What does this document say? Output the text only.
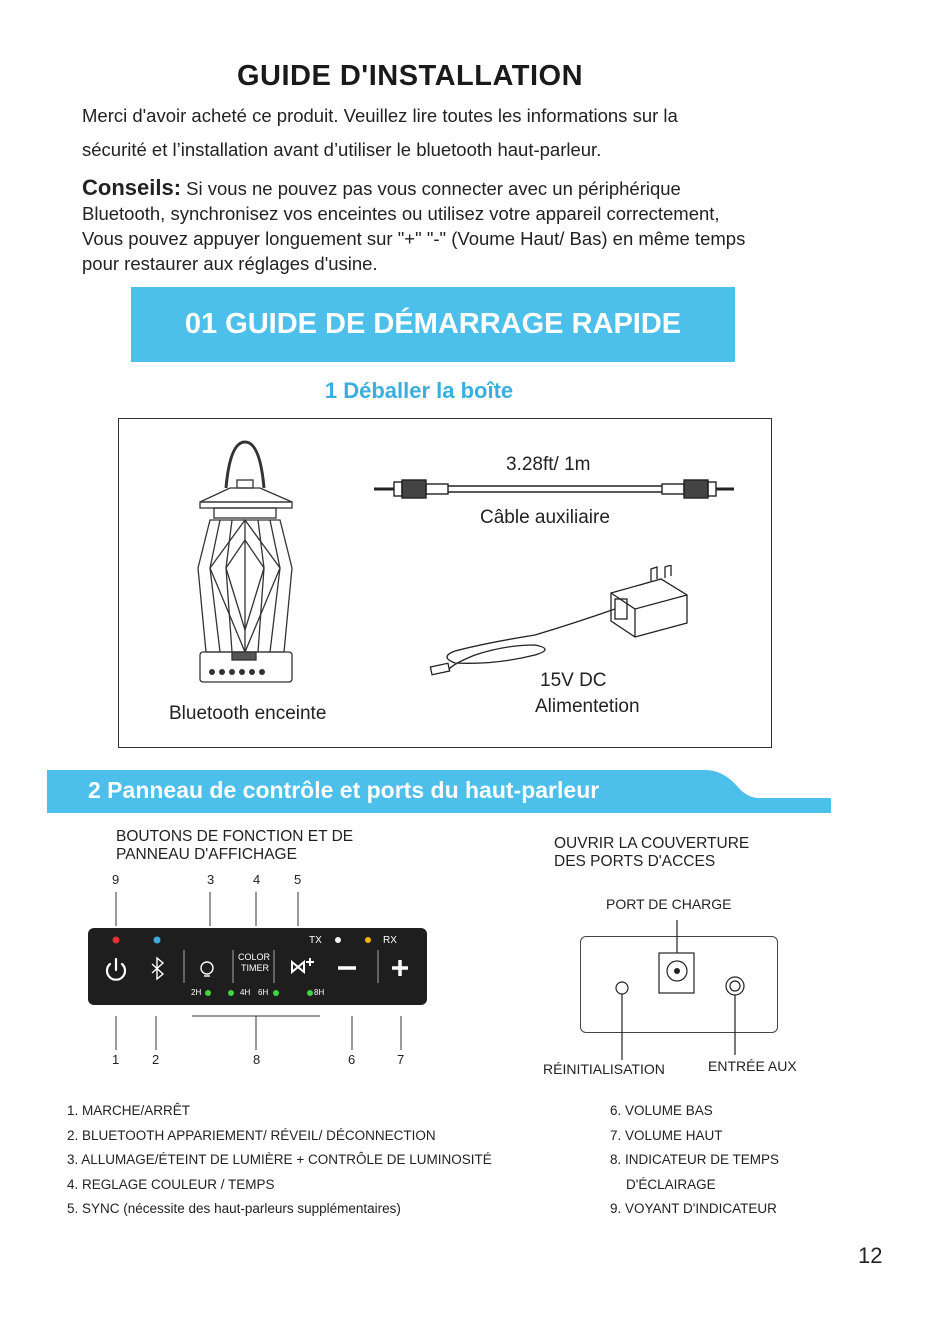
GUIDE D'INSTALLATION
Merci d'avoir acheté ce produit. Veuillez lire toutes les informations sur la
sécurité et l’installation avant d’utiliser le bluetooth haut-parleur.
Conseils: Si vous ne pouvez pas vous connecter avec un périphérique
Bluetooth, synchronisez vos enceintes ou utilisez votre appareil correctement,
Vous pouvez appuyer longuement sur "+" "-" (Voume Haut/ Bas) en même temps
pour restaurer aux réglages d'usine.
01 GUIDE DE DÉMARRAGE RAPIDE
1 Déballer la boîte
3.28ft/ 1m
Câble auxiliaire
15V DC
Alimentetion
Bluetooth enceinte
2 Panneau de contrôle et ports du haut-parleur
BOUTONS DE FONCTION ET DE
PANNEAU D'AFFICHAGE
OUVRIR LA COUVERTURE
DES PORTS D'ACCES
9	3	4	5
COLOR
TIMER
TX	RX
2H	4H 6H	8H
1	2	8	6	7
PORT DE CHARGE
RÉINITIALISATION	ENTRÉE AUX
1. MARCHE/ARRÊT
2. BLUETOOTH APPARIEMENT/ RÉVEIL/ DÉCONNECTION
3. ALLUMAGE/ÉTEINT DE LUMIÈRE + CONTRÔLE DE LUMINOSITÉ
4. REGLAGE COULEUR / TEMPS
5. SYNC (nécessite des haut-parleurs supplémentaires)
6. VOLUME BAS
7. VOLUME HAUT
8. INDICATEUR DE TEMPS
D'ÉCLAIRAGE
9. VOYANT D'INDICATEUR
12
